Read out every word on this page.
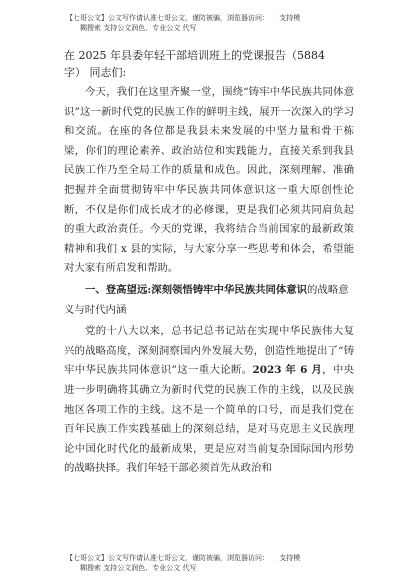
【七哥公文】公文写作请认准七哥公文，谨防被骗，浏览器访问： 支持模
糊搜索 支持公文润色、专业公文 代写
在 2025 年县委年轻干部培训班上的党课报告（5884
字） 同志们:

今天，我们在这里齐聚一堂，围绕“铸牢中华民族共同体意识”这一新时代党的民族工作的鲜明主线，展开一次深入的学习和交流。在座的各位都是我县未来发展的中坚力量和骨干栋梁，你们的理论素养、政治站位和实践能力，直接关系到我县民族工作乃至全局工作的质量和成色。因此，深刻理解、准确把握并全面贯彻铸牢中华民族共同体意识这一重大原创性论断，不仅是你们成长成才的必修课，更是我们必须共同肩负起的重大政治责任。今天的党课，我将结合当前国家的最新政策精神和我们 x 县的实际，与大家分享一些思考和体会，希望能对大家有所启发和帮助。

一、登高望远:深刻领悟铸牢中华民族共同体意识的战略意义与时代内涵

党的十八大以来，总书记总书记站在实现中华民族伟大复兴的战略高度，深刻洞察国内外发展大势，创造性地提出了“铸牢中华民族共同体意识”这一重大论断。2023 年 6 月，中央进一步明确将其确立为新时代党的民族工作的主线，以及民族地区各项工作的主线。这不是一个简单的口号，而是我们党在百年民族工作实践基础上的深刻总结，是对马克思主义民族理论中国化时代化的最新成果，更是应对当前复杂国际国内形势的战略抉择。我们年轻干部必须首先从政治和

【七哥公文】公文写作请认准七哥公文，谨防被骗，浏览器访问： 支持模
糊搜索 支持公文润色、专业公文 代写
